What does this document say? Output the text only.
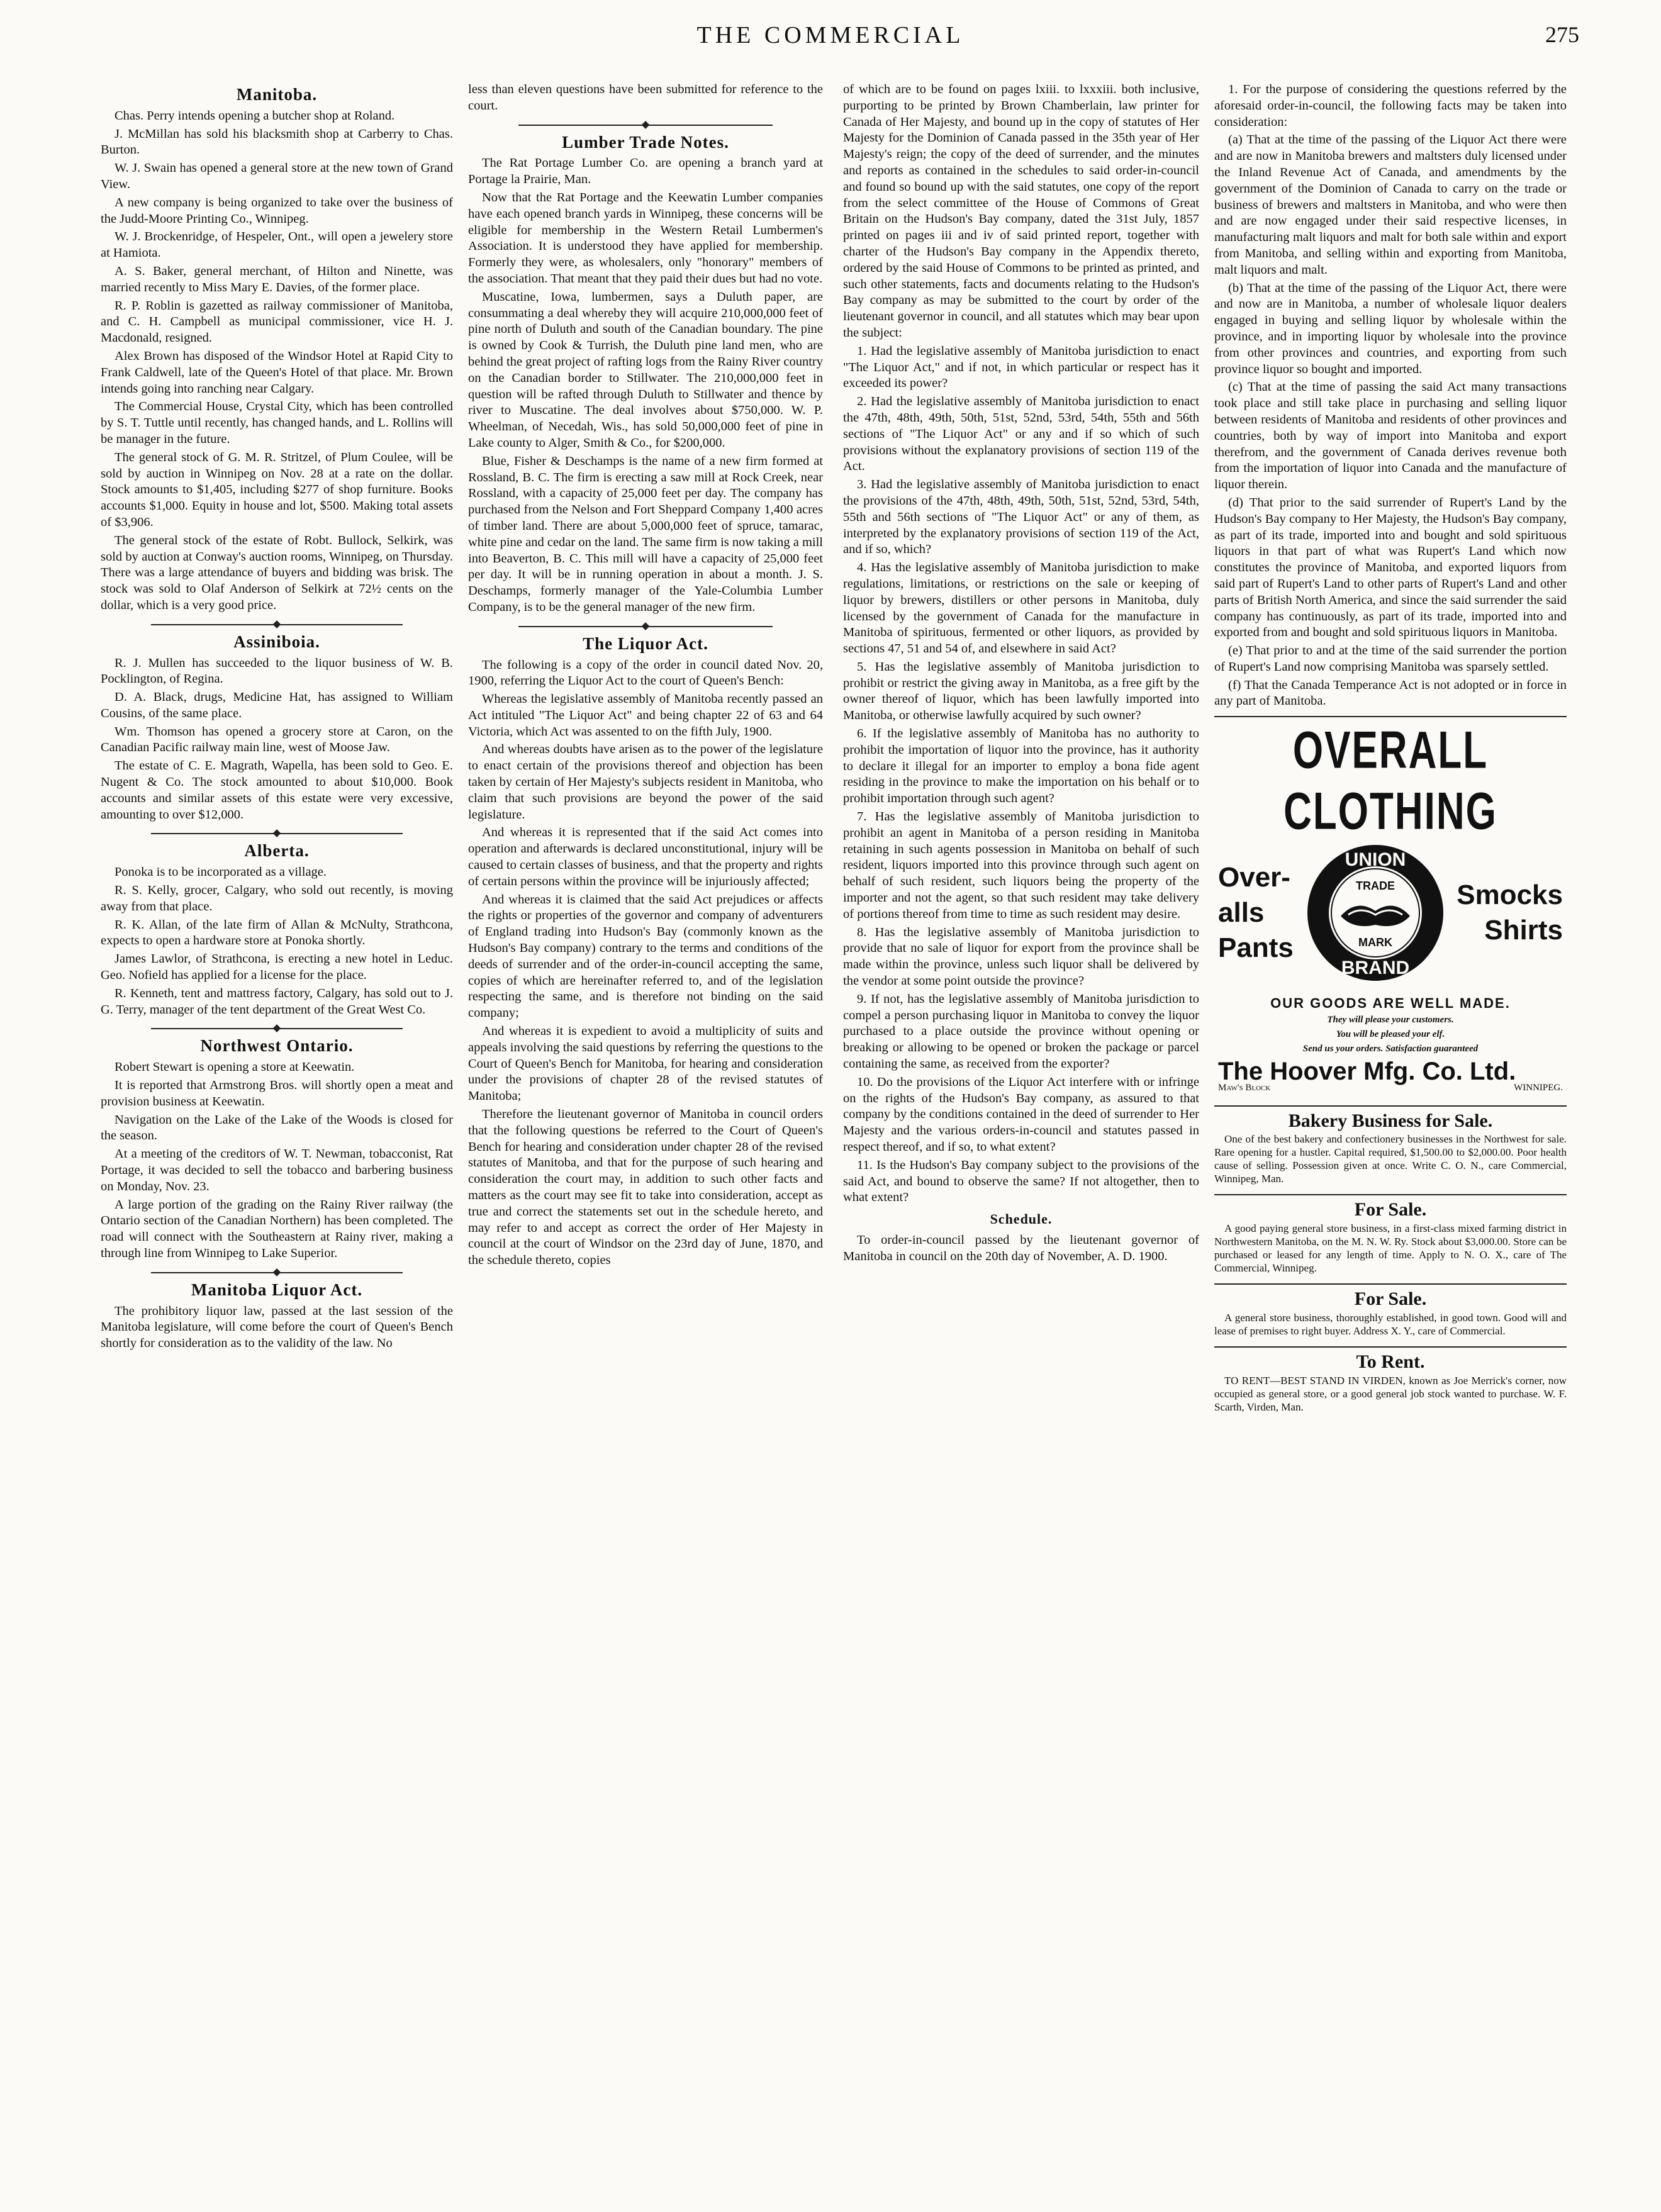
THE COMMERCIAL	275
Manitoba.

Chas. Perry intends opening a butcher shop at Roland.

J. McMillan has sold his blacksmith shop at Carberry to Chas. Burton.

W. J. Swain has opened a general store at the new town of Grand View.

A new company is being organized to take over the business of the Judd-Moore Printing Co., Winnipeg.

W. J. Brockenridge, of Hespeler, Ont., will open a jewelery store at Hamiota.

A. S. Baker, general merchant, of Hilton and Ninette, was married recently to Miss Mary E. Davies, of the former place.

R. P. Roblin is gazetted as railway commissioner of Manitoba, and C. H. Campbell as municipal commissioner, vice H. J. Macdonald, resigned.

Alex Brown has disposed of the Windsor Hotel at Rapid City to Frank Caldwell, late of the Queen's Hotel of that place. Mr. Brown intends going into ranching near Calgary.

The Commercial House, Crystal City, which has been controlled by S. T. Tuttle until recently, has changed hands, and L. Rollins will be manager in the future.

The general stock of G. M. R. Stritzel, of Plum Coulee, will be sold by auction in Winnipeg on Nov. 28 at a rate on the dollar. Stock amounts to $1,405, including $277 of shop furniture. Books accounts $1,000. Equity in house and lot, $500. Making total assets of $3,906.

The general stock of the estate of Robt. Bullock, Selkirk, was sold by auction at Conway's auction rooms, Winnipeg, on Thursday. There was a large attendance of buyers and bidding was brisk. The stock was sold to Olaf Anderson of Selkirk at 72½ cents on the dollar, which is a very good price.

Assiniboia.

R. J. Mullen has succeeded to the liquor business of W. B. Pocklington, of Regina.

D. A. Black, drugs, Medicine Hat, has assigned to William Cousins, of the same place.

Wm. Thomson has opened a grocery store at Caron, on the Canadian Pacific railway main line, west of Moose Jaw.

The estate of C. E. Magrath, Wapella, has been sold to Geo. E. Nugent & Co. The stock amounted to about $10,000. Book accounts and similar assets of this estate were very excessive, amounting to over $12,000.

Alberta.

Ponoka is to be incorporated as a village.

R. S. Kelly, grocer, Calgary, who sold out recently, is moving away from that place.

R. K. Allan, of the late firm of Allan & McNulty, Strathcona, expects to open a hardware store at Ponoka shortly.

James Lawlor, of Strathcona, is erecting a new hotel in Leduc. Geo. Nofield has applied for a license for the place.

R. Kenneth, tent and mattress factory, Calgary, has sold out to J. G. Terry, manager of the tent department of the Great West Co.

Northwest Ontario.

Robert Stewart is opening a store at Keewatin.

It is reported that Armstrong Bros. will shortly open a meat and provision business at Keewatin.

Navigation on the Lake of the Lake of the Woods is closed for the season.

At a meeting of the creditors of W. T. Newman, tobacconist, Rat Portage, it was decided to sell the tobacco and barbering business on Monday, Nov. 23.

A large portion of the grading on the Rainy River railway (the Ontario section of the Canadian Northern) has been completed. The road will connect with the Southeastern at Rainy river, making a through line from Winnipeg to Lake Superior.

Manitoba Liquor Act.

The prohibitory liquor law, passed at the last session of the Manitoba legislature, will come before the court of Queen's Bench shortly for consideration as to the validity of the law. No

less than eleven questions have been submitted for reference to the court.

Lumber Trade Notes.

The Rat Portage Lumber Co. are opening a branch yard at Portage la Prairie, Man.

Now that the Rat Portage and the Keewatin Lumber companies have each opened branch yards in Winnipeg, these concerns will be eligible for membership in the Western Retail Lumbermen's Association. It is understood they have applied for membership. Formerly they were, as wholesalers, only "honorary" members of the association. That meant that they paid their dues but had no vote.

Muscatine, Iowa, lumbermen, says a Duluth paper, are consummating a deal whereby they will acquire 210,000,000 feet of pine north of Duluth and south of the Canadian boundary. The pine is owned by Cook & Turrish, the Duluth pine land men, who are behind the great project of rafting logs from the Rainy River country on the Canadian border to Stillwater. The 210,000,000 feet in question will be rafted through Duluth to Stillwater and thence by river to Muscatine. The deal involves about $750,000. W. P. Wheelman, of Necedah, Wis., has sold 50,000,000 feet of pine in Lake county to Alger, Smith & Co., for $200,000.

Blue, Fisher & Deschamps is the name of a new firm formed at Rossland, B. C. The firm is erecting a saw mill at Rock Creek, near Rossland, with a capacity of 25,000 feet per day. The company has purchased from the Nelson and Fort Sheppard Company 1,400 acres of timber land. There are about 5,000,000 feet of spruce, tamarac, white pine and cedar on the land. The same firm is now taking a mill into Beaverton, B. C. This mill will have a capacity of 25,000 feet per day. It will be in running operation in about a month. J. S. Deschamps, formerly manager of the Yale-Columbia Lumber Company, is to be the general manager of the new firm.

The Liquor Act.

The following is a copy of the order in council dated Nov. 20, 1900, referring the Liquor Act to the court of Queen's Bench:

Whereas the legislative assembly of Manitoba recently passed an Act intituled "The Liquor Act" and being chapter 22 of 63 and 64 Victoria, which Act was assented to on the fifth July, 1900.

And whereas doubts have arisen as to the power of the legislature to enact certain of the provisions thereof and objection has been taken by certain of Her Majesty's subjects resident in Manitoba, who claim that such provisions are beyond the power of the said legislature.

And whereas it is represented that if the said Act comes into operation and afterwards is declared unconstitutional, injury will be caused to certain classes of business, and that the property and rights of certain persons within the province will be injuriously affected;

And whereas it is claimed that the said Act prejudices or affects the rights or properties of the governor and company of adventurers of England trading into Hudson's Bay (commonly known as the Hudson's Bay company) contrary to the terms and conditions of the deeds of surrender and of the order-in-council accepting the same, copies of which are hereinafter referred to, and of the legislation respecting the same, and is therefore not binding on the said company;

And whereas it is expedient to avoid a multiplicity of suits and appeals involving the said questions by referring the questions to the Court of Queen's Bench for Manitoba, for hearing and consideration under the provisions of chapter 28 of the revised statutes of Manitoba;

Therefore the lieutenant governor of Manitoba in council orders that the following questions be referred to the Court of Queen's Bench for hearing and consideration under chapter 28 of the revised statutes of Manitoba, and that for the purpose of such hearing and consideration the court may, in addition to such other facts and matters as the court may see fit to take into consideration, accept as true and correct the statements set out in the schedule hereto, and may refer to and accept as correct the order of Her Majesty in council at the court of Windsor on the 23rd day of June, 1870, and the schedule thereto, copies

of which are to be found on pages lxiii. to lxxxiii. both inclusive, purporting to be printed by Brown Chamberlain, law printer for Canada of Her Majesty, and bound up in the copy of statutes of Her Majesty for the Dominion of Canada passed in the 35th year of Her Majesty's reign; the copy of the deed of surrender, and the minutes and reports as contained in the schedules to said order-in-council and found so bound up with the said statutes, one copy of the report from the select committee of the House of Commons of Great Britain on the Hudson's Bay company, dated the 31st July, 1857 printed on pages iii and iv of said printed report, together with charter of the Hudson's Bay company in the Appendix thereto, ordered by the said House of Commons to be printed as printed, and such other statements, facts and documents relating to the Hudson's Bay company as may be submitted to the court by order of the lieutenant governor in council, and all statutes which may bear upon the subject:

1. Had the legislative assembly of Manitoba jurisdiction to enact "The Liquor Act," and if not, in which particular or respect has it exceeded its power?

2. Had the legislative assembly of Manitoba jurisdiction to enact the 47th, 48th, 49th, 50th, 51st, 52nd, 53rd, 54th, 55th and 56th sections of "The Liquor Act" or any and if so which of such provisions without the explanatory provisions of section 119 of the Act.

3. Had the legislative assembly of Manitoba jurisdiction to enact the provisions of the 47th, 48th, 49th, 50th, 51st, 52nd, 53rd, 54th, 55th and 56th sections of "The Liquor Act" or any of them, as interpreted by the explanatory provisions of section 119 of the Act, and if so, which?

4. Has the legislative assembly of Manitoba jurisdiction to make regulations, limitations, or restrictions on the sale or keeping of liquor by brewers, distillers or other persons in Manitoba, duly licensed by the government of Canada for the manufacture in Manitoba of spirituous, fermented or other liquors, as provided by sections 47, 51 and 54 of, and elsewhere in said Act?

5. Has the legislative assembly of Manitoba jurisdiction to prohibit or restrict the giving away in Manitoba, as a free gift by the owner thereof of liquor, which has been lawfully imported into Manitoba, or otherwise lawfully acquired by such owner?

6. If the legislative assembly of Manitoba has no authority to prohibit the importation of liquor into the province, has it authority to declare it illegal for an importer to employ a bona fide agent residing in the province to make the importation on his behalf or to prohibit importation through such agent?

7. Has the legislative assembly of Manitoba jurisdiction to prohibit an agent in Manitoba of a person residing in Manitoba retaining in such agents possession in Manitoba on behalf of such resident, liquors imported into this province through such agent on behalf of such resident, such liquors being the property of the importer and not the agent, so that such resident may take delivery of portions thereof from time to time as such resident may desire.

8. Has the legislative assembly of Manitoba jurisdiction to provide that no sale of liquor for export from the province shall be made within the province, unless such liquor shall be delivered by the vendor at some point outside the province?

9. If not, has the legislative assembly of Manitoba jurisdiction to compel a person purchasing liquor in Manitoba to convey the liquor purchased to a place outside the province without opening or breaking or allowing to be opened or broken the package or parcel containing the same, as received from the exporter?

10. Do the provisions of the Liquor Act interfere with or infringe on the rights of the Hudson's Bay company, as assured to that company by the conditions contained in the deed of surrender to Her Majesty and the various orders-in-council and statutes passed in respect thereof, and if so, to what extent?

11. Is the Hudson's Bay company subject to the provisions of the said Act, and bound to observe the same? If not altogether, then to what extent?

Schedule.

To order-in-council passed by the lieutenant governor of Manitoba in council on the 20th day of November, A. D. 1900.

1. For the purpose of considering the questions referred by the aforesaid order-in-council, the following facts may be taken into consideration:

(a) That at the time of the passing of the Liquor Act there were and are now in Manitoba brewers and maltsters duly licensed under the Inland Revenue Act of Canada, and amendments by the government of the Dominion of Canada to carry on the trade or business of brewers and maltsters in Manitoba, and who were then and are now engaged under their said respective licenses, in manufacturing malt liquors and malt for both sale within and export from Manitoba, and selling within and exporting from Manitoba, malt liquors and malt.

(b) That at the time of the passing of the Liquor Act, there were and now are in Manitoba, a number of wholesale liquor dealers engaged in buying and selling liquor by wholesale within the province, and in importing liquor by wholesale into the province from other provinces and countries, and exporting from such province liquor so bought and imported.

(c) That at the time of passing the said Act many transactions took place and still take place in purchasing and selling liquor between residents of Manitoba and residents of other provinces and countries, both by way of import into Manitoba and export therefrom, and the government of Canada derives revenue both from the importation of liquor into Canada and the manufacture of liquor therein.

(d) That prior to the said surrender of Rupert's Land by the Hudson's Bay company to Her Majesty, the Hudson's Bay company, as part of its trade, imported into and bought and sold spirituous liquors in that part of what was Rupert's Land which now constitutes the province of Manitoba, and exported liquors from said part of Rupert's Land to other parts of Rupert's Land and other parts of British North America, and since the said surrender the said company has continuously, as part of its trade, imported into and exported from and bought and sold spirituous liquors in Manitoba.

(e) That prior to and at the time of the said surrender the portion of Rupert's Land now comprising Manitoba was sparsely settled.

(f) That the Canada Temperance Act is not adopted or in force in any part of Manitoba.

OVERALL CLOTHING
Over-
alls
Pants
UNION
TRADE
MARK
BRAND
Smocks
Shirts
OUR GOODS ARE WELL MADE.
They will please your customers.
You will be pleased your elf.
Send us your orders. Satisfaction guaranteed
The Hoover Mfg. Co. Ltd.
Maw's Block	WINNIPEG.
Bakery Business for Sale.

One of the best bakery and confectionery businesses in the Northwest for sale. Rare opening for a hustler. Capital required, $1,500.00 to $2,000.00. Poor health cause of selling. Possession given at once. Write C. O. N., care Commercial, Winnipeg, Man.

For Sale.

A good paying general store business, in a first-class mixed farming district in Northwestern Manitoba, on the M. N. W. Ry. Stock about $3,000.00. Store can be purchased or leased for any length of time. Apply to N. O. X., care of The Commercial, Winnipeg.

For Sale.

A general store business, thoroughly established, in good town. Good will and lease of premises to right buyer. Address X. Y., care of Commercial.

To Rent.

TO RENT—BEST STAND IN VIRDEN, known as Joe Merrick's corner, now occupied as general store, or a good general job stock wanted to purchase. W. F. Scarth, Virden, Man.
